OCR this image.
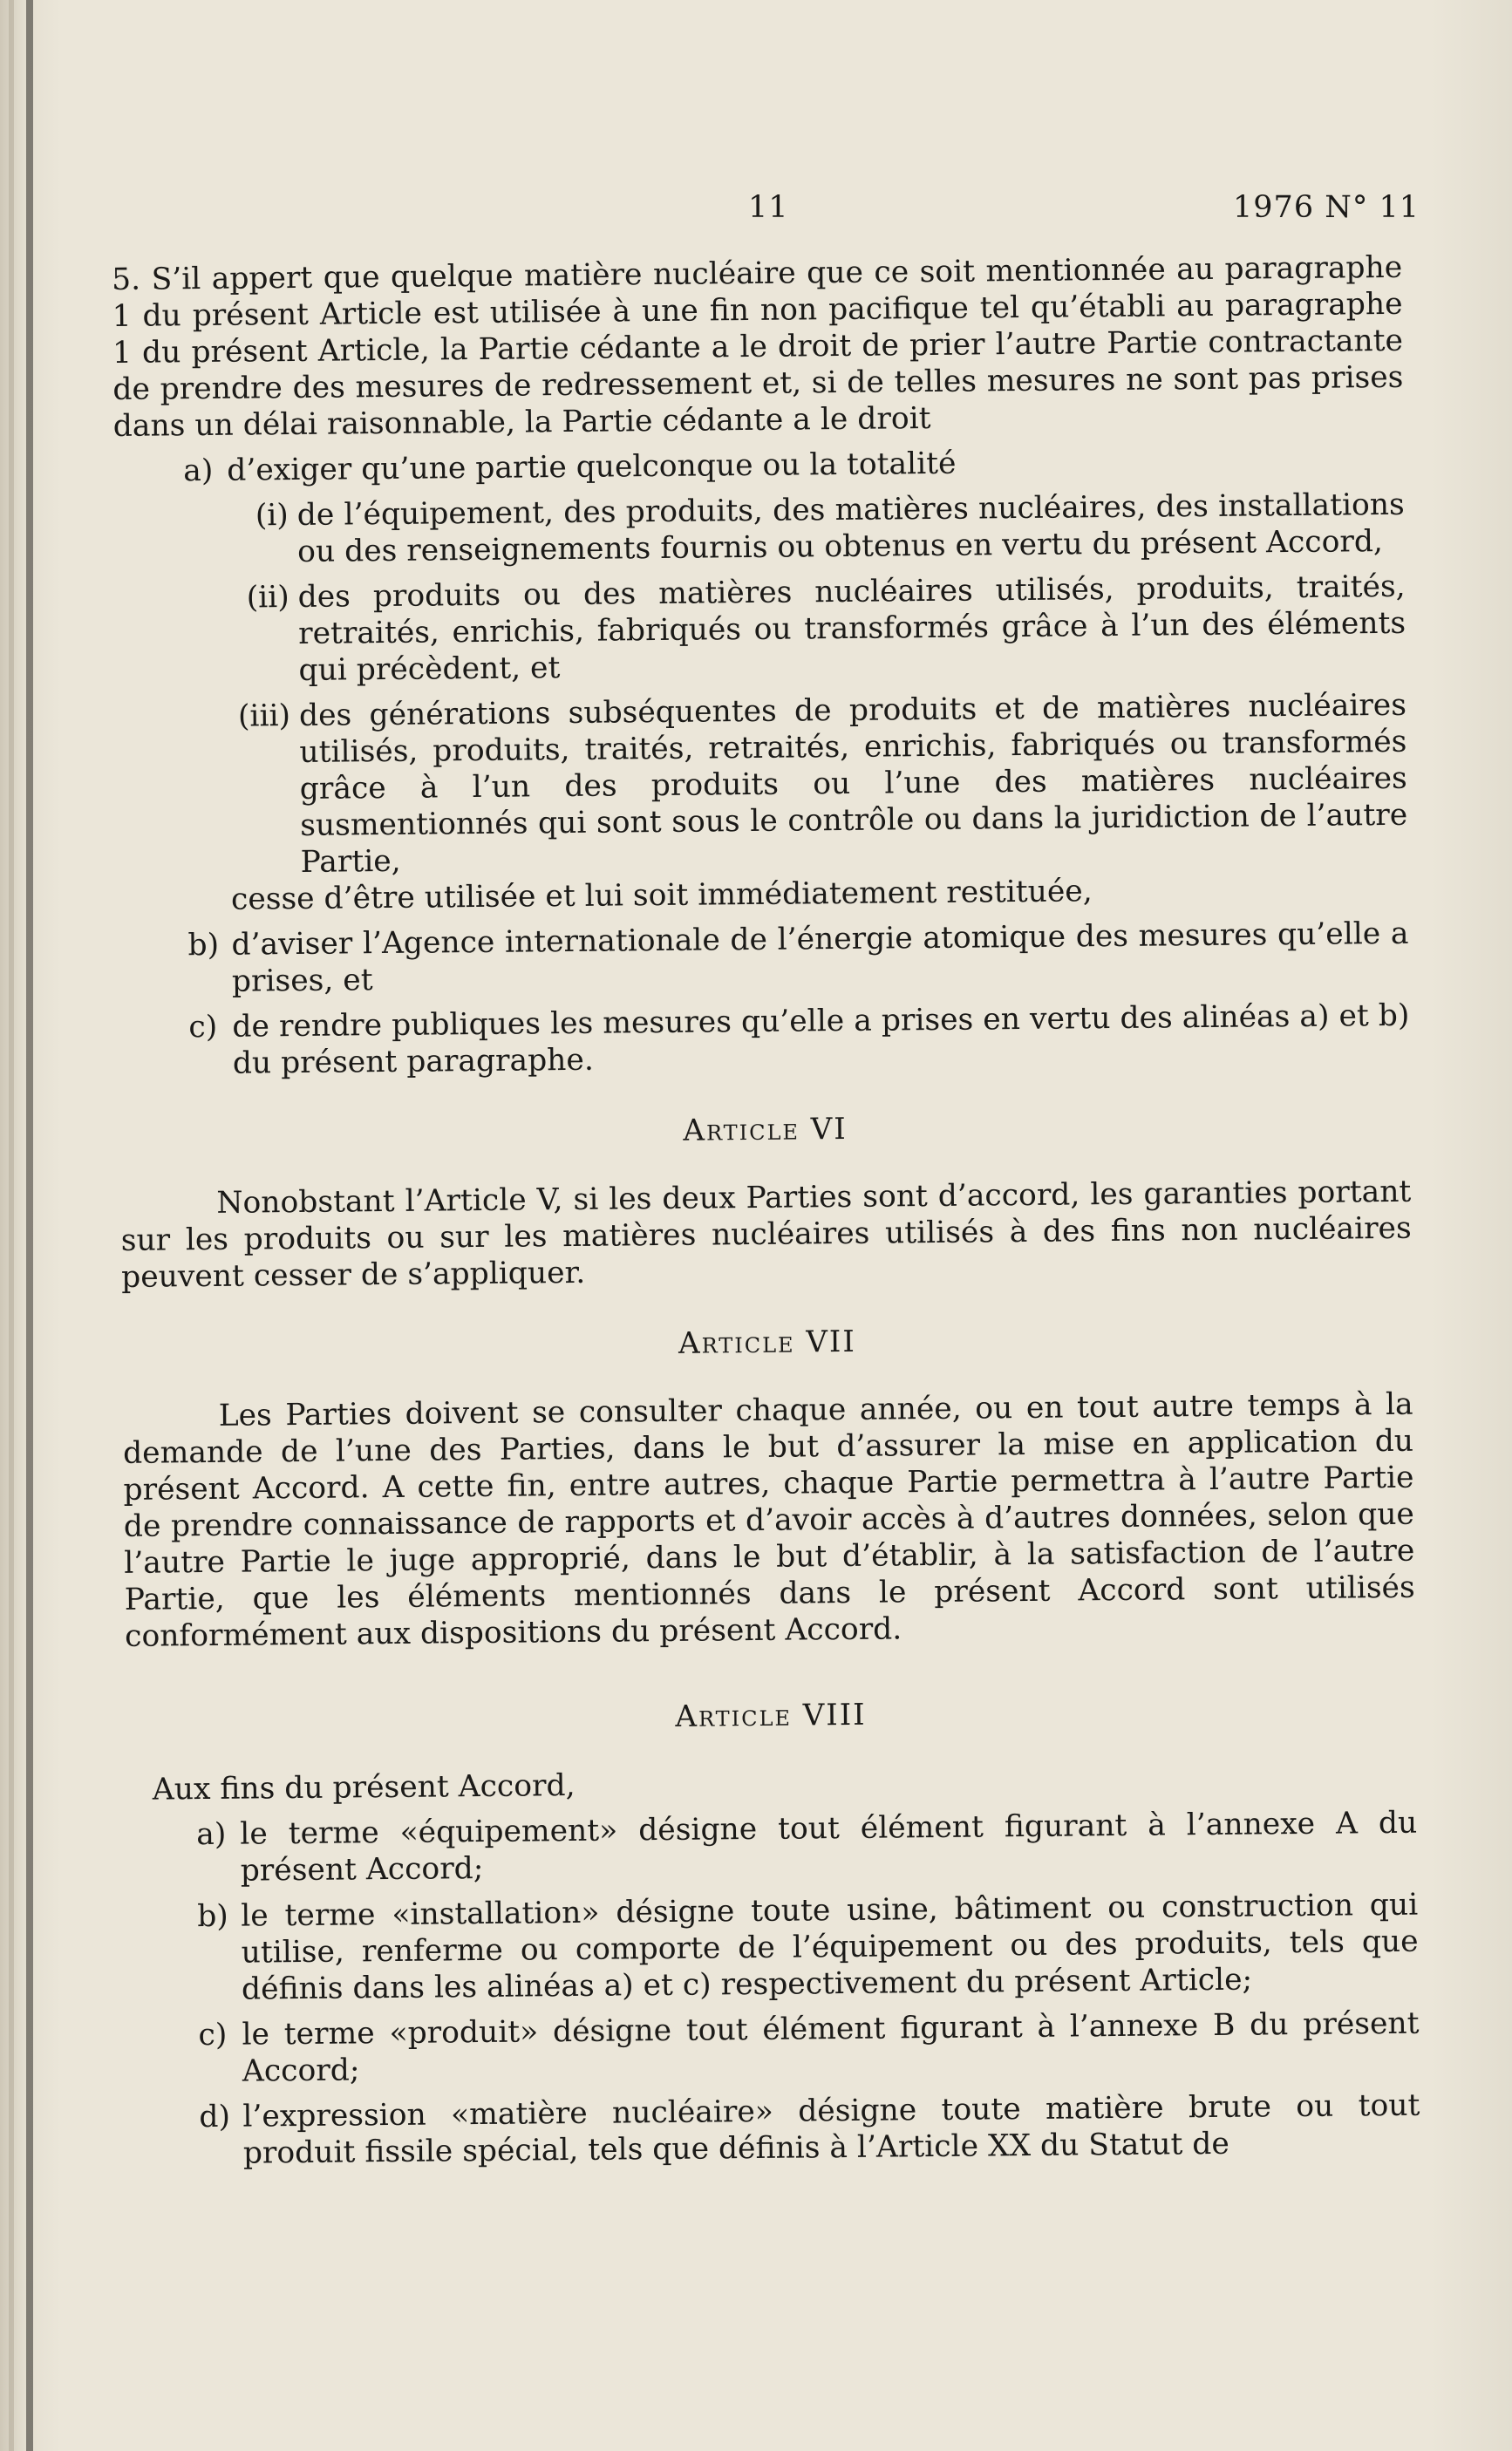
11	1976 N° 11

5. S’il appert que quelque matière nucléaire que ce soit mentionnée au paragraphe 1 du présent Article est utilisée à une fin non pacifique tel qu’établi au paragraphe 1 du présent Article, la Partie cédante a le droit de prier l’autre Partie contractante de prendre des mesures de redressement et, si de telles mesures ne sont pas prises dans un délai raisonnable, la Partie cédante a le droit

a) d’exiger qu’une partie quelconque ou la totalité
(i) de l’équipement, des produits, des matières nucléaires, des installations ou des renseignements fournis ou obtenus en vertu du présent Accord,
(ii) des produits ou des matières nucléaires utilisés, produits, traités, retraités, enrichis, fabriqués ou transformés grâce à l’un des éléments qui précèdent, et
(iii) des générations subséquentes de produits et de matières nucléaires utilisés, produits, traités, retraités, enrichis, fabriqués ou transformés grâce à l’un des produits ou l’une des matières nucléaires susmentionnés qui sont sous le contrôle ou dans la juridiction de l’autre Partie,

cesse d’être utilisée et lui soit immédiatement restituée,

b) d’aviser l’Agence internationale de l’énergie atomique des mesures qu’elle a prises, et
c) de rendre publiques les mesures qu’elle a prises en vertu des alinéas a) et b) du présent paragraphe.
Article VI

Nonobstant l’Article V, si les deux Parties sont d’accord, les garanties portant sur les produits ou sur les matières nucléaires utilisés à des fins non nucléaires peuvent cesser de s’appliquer.

Article VII

Les Parties doivent se consulter chaque année, ou en tout autre temps à la demande de l’une des Parties, dans le but d’assurer la mise en application du présent Accord. A cette fin, entre autres, chaque Partie permettra à l’autre Partie de prendre connaissance de rapports et d’avoir accès à d’autres données, selon que l’autre Partie le juge approprié, dans le but d’établir, à la satisfaction de l’autre Partie, que les éléments mentionnés dans le présent Accord sont utilisés conformément aux dispositions du présent Accord.

Article VIII

Aux fins du présent Accord,

a) le terme «équipement» désigne tout élément figurant à l’annexe A du présent Accord;
b) le terme «installation» désigne toute usine, bâtiment ou construction qui utilise, renferme ou comporte de l’équipement ou des produits, tels que définis dans les alinéas a) et c) respectivement du présent Article;
c) le terme «produit» désigne tout élément figurant à l’annexe B du présent Accord;
d) l’expression «matière nucléaire» désigne toute matière brute ou tout produit fissile spécial, tels que définis à l’Article XX du Statut de
